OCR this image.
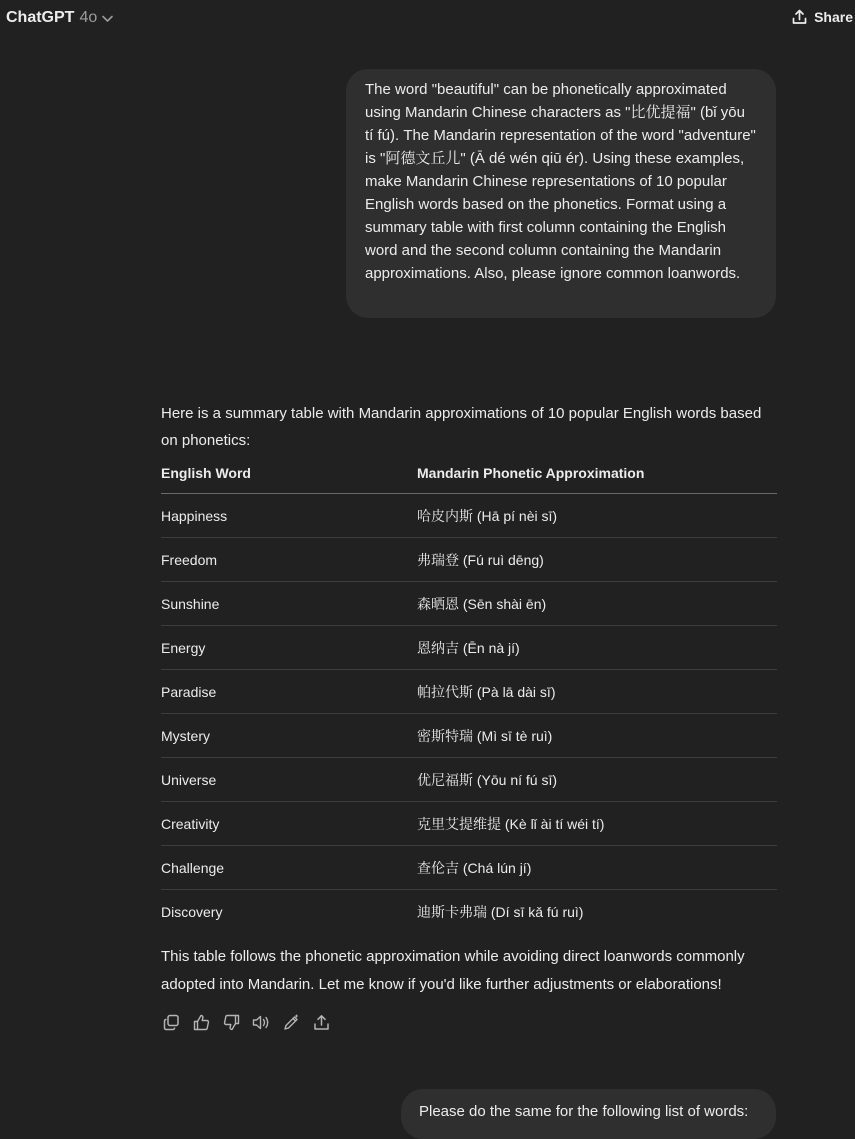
ChatGPT 4o	Share
The word "beautiful" can be phonetically approximated using Mandarin Chinese characters as "比优提福" (bǐ yōu tí fú). The Mandarin representation of the word "adventure" is "阿德文丘儿" (Ā dé wén qiū ér). Using these examples, make Mandarin Chinese representations of 10 popular English words based on the phonetics. Format using a summary table with first column containing the English word and the second column containing the Mandarin approximations. Also, please ignore common loanwords.

Here is a summary table with Mandarin approximations of 10 popular English words based on phonetics:

English Word	Mandarin Phonetic Approximation
Happiness	哈皮内斯 (Hā pí nèi sī)
Freedom	弗瑞登 (Fú ruì dēng)
Sunshine	森晒恩 (Sēn shài ēn)
Energy	恩纳吉 (Ēn nà jí)
Paradise	帕拉代斯 (Pà lā dài sī)
Mystery	密斯特瑞 (Mì sī tè ruì)
Universe	优尼福斯 (Yōu ní fú sī)
Creativity	克里艾提维提 (Kè lǐ ài tí wéi tí)
Challenge	查伦吉 (Chá lún jí)
Discovery	迪斯卡弗瑞 (Dí sī kǎ fú ruì)

This table follows the phonetic approximation while avoiding direct loanwords commonly adopted into Mandarin. Let me know if you'd like further adjustments or elaborations!

Please do the same for the following list of words:
